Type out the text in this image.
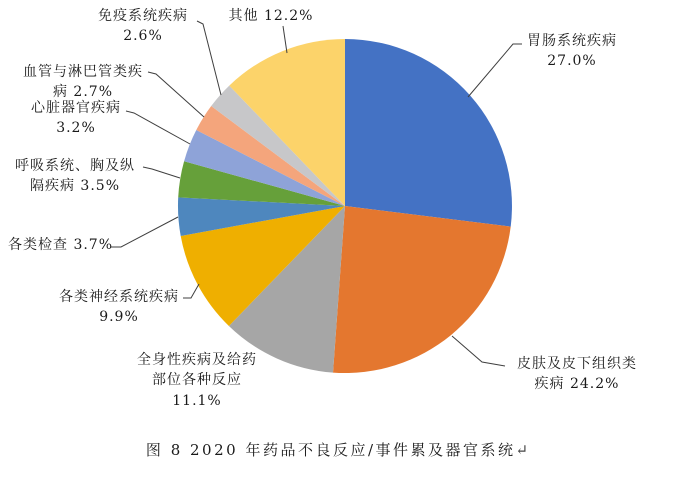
胃肠系统疾病
27.0%
皮肤及皮下组织类
疾病 24.2%
全身性疾病及给药
部位各种反应
11.1%
各类神经系统疾病
9.9%
各类检查 3.7%
呼吸系统、胸及纵
隔疾病 3.5%
心脏器官疾病
3.2%
血管与淋巴管类疾
病 2.7%
免疫系统疾病
2.6%
其他 12.2%
图 8 2020 年药品不良反应/事件累及器官系统↵
